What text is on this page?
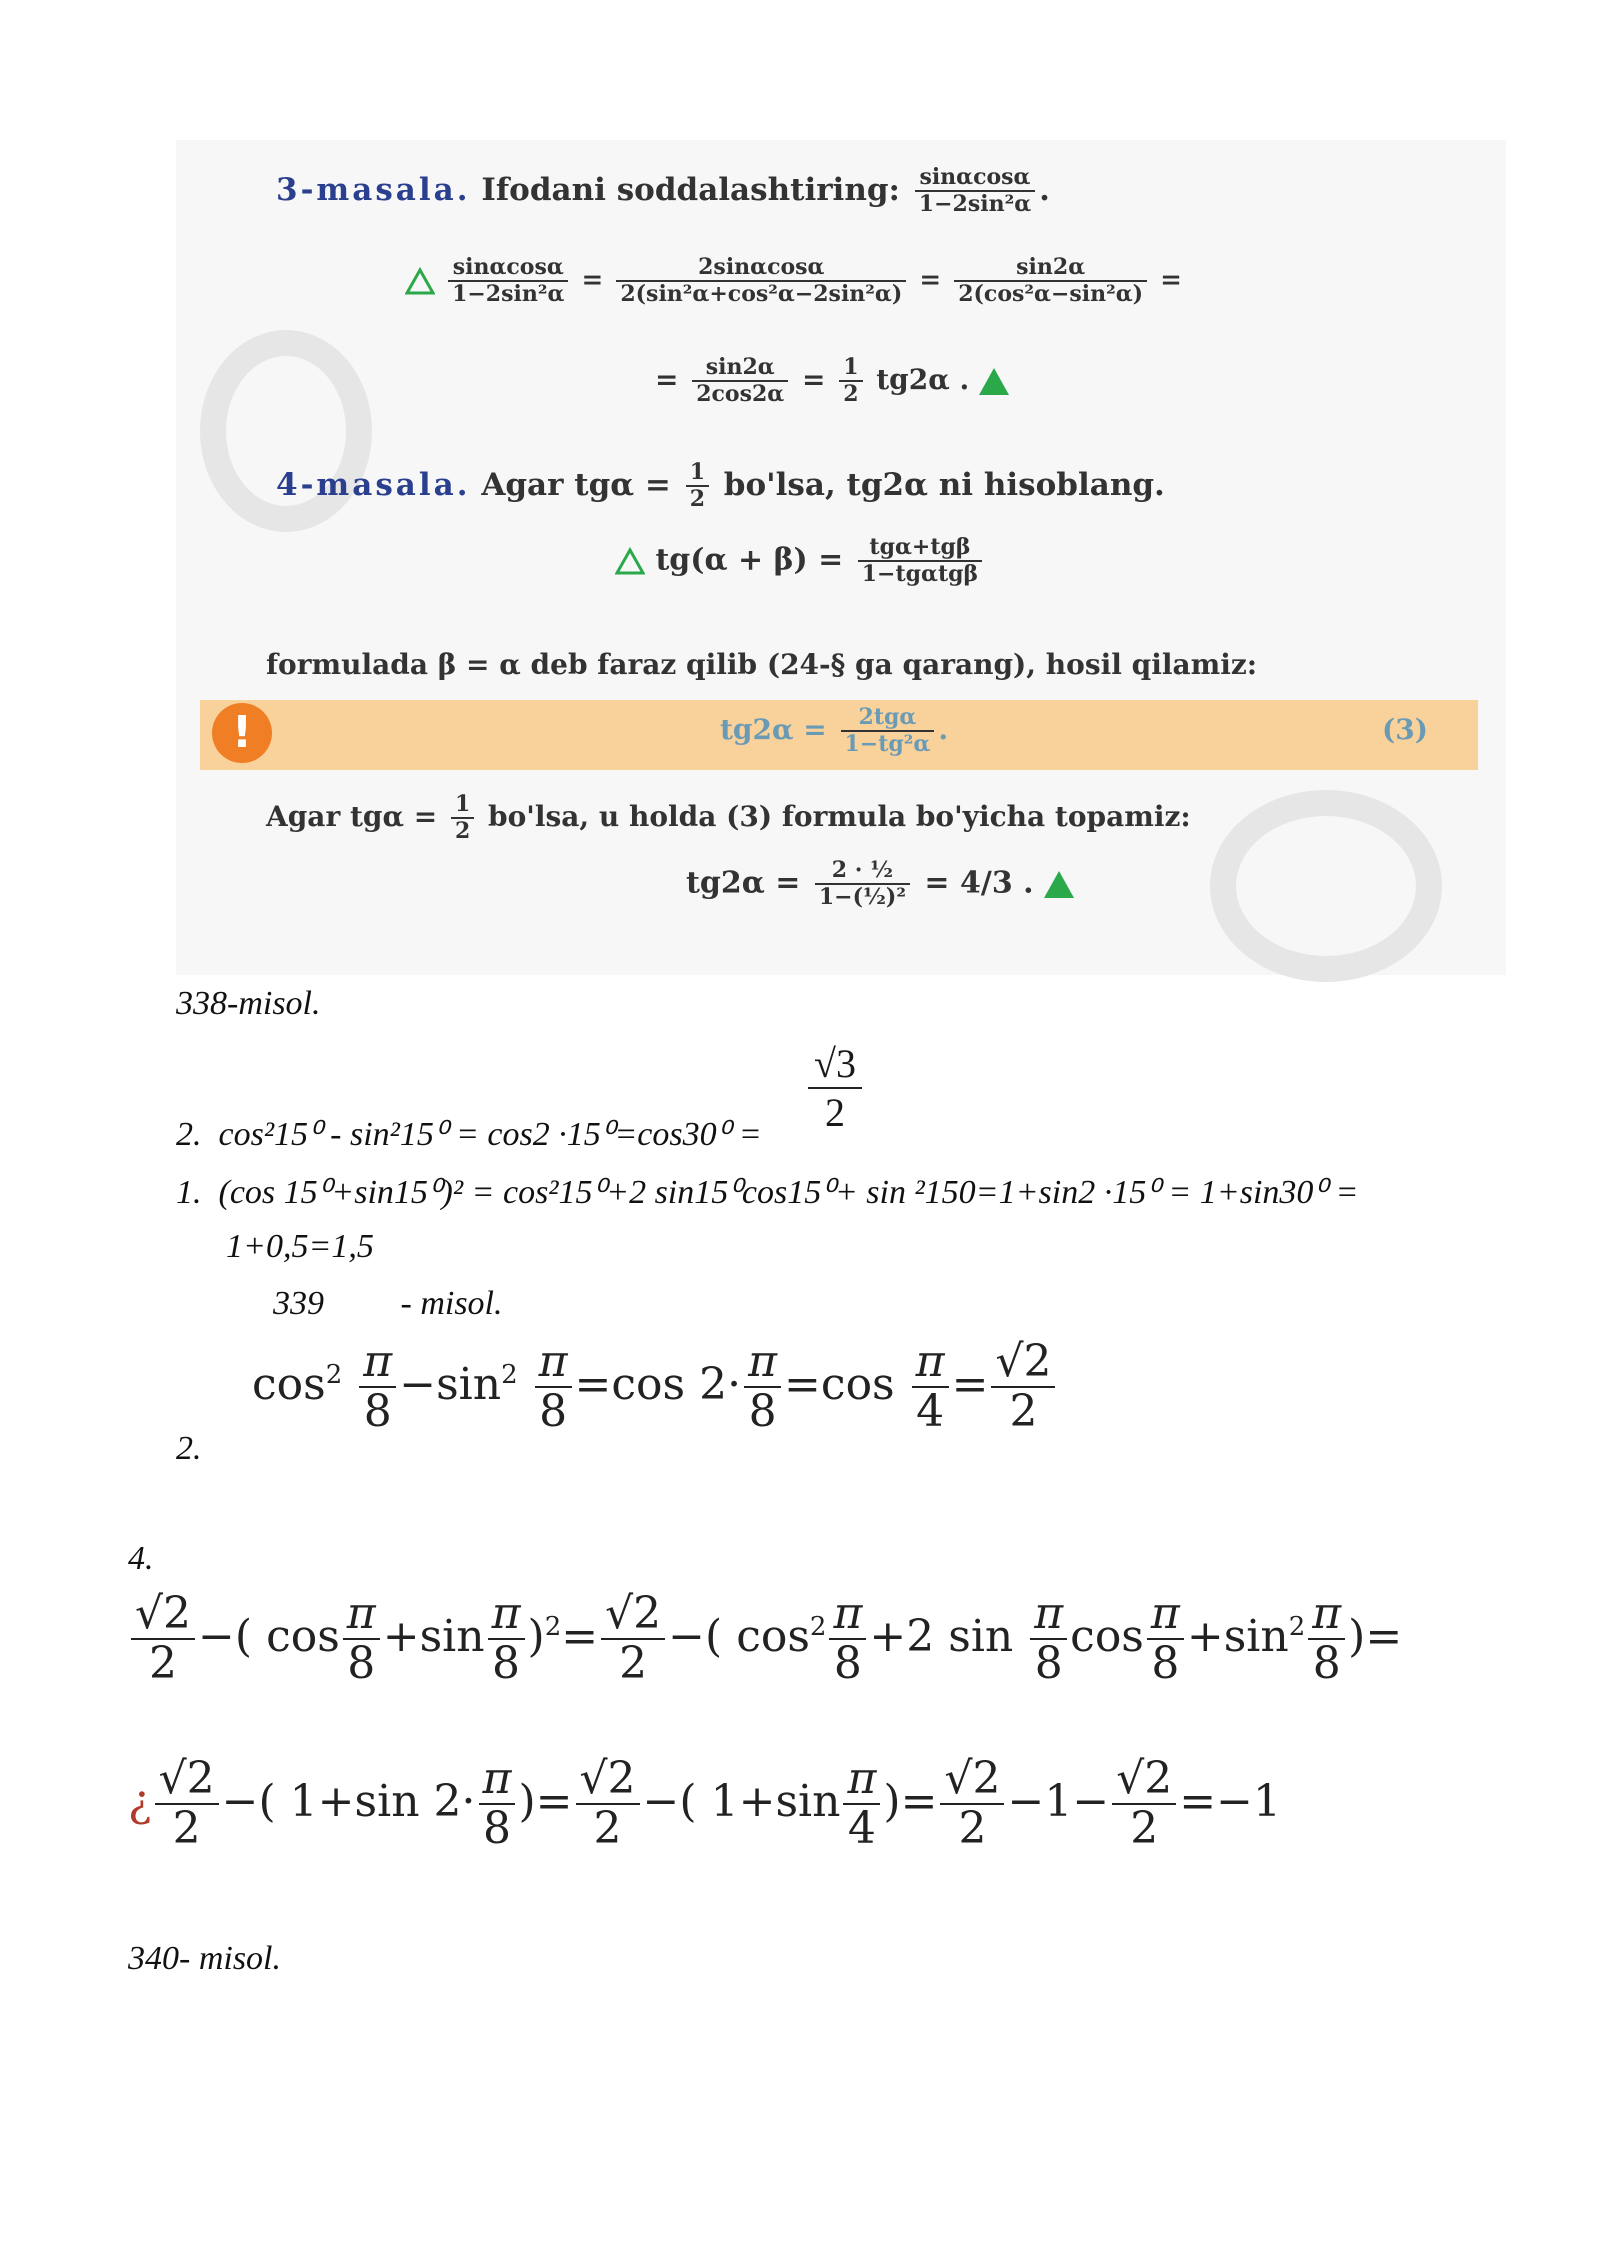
3-masala. Ifodani soddalashtiring: $\frac{\sin\alpha\cos\alpha}{\text{1−2sin²α}}$ .

$\frac{\sin\alpha\cos\alpha}{\text{1−2sin²α}} = \frac{2\sin\alpha\cos\alpha}{\text{2(sin²α+cos²α−2sin²α)}} = \frac{\sin 2\alpha}{\text{2(cos²α−sin²α)}}$ =
= $\frac{\sin 2\alpha}{2\cos 2\alpha} = \frac{1}{2} tg2\alpha$ .
4-masala. Agar $tg\alpha = \frac{1}{2} bo'lsa$, tg2α ni hisoblang.
$tg(\alpha + \beta) = \frac{\text{tgα+tgβ}}{\text{1−tgαtgβ}}$
formulada β = α deb faraz qilib (24-§ ga qarang), hosil qilamiz:
!	$tg2\alpha = \frac{\text{2tgα}}{\text{1−tg²α}}$ .	(3)
Agar $tg\alpha = \frac{1}{2} bo'lsa$, u holda (3) formula bo'yicha topamiz:
$tg2\alpha = \frac{\text{2 · ½}}{\text{1−(½)²}} = 4/3$ .
338-misol.
√3
2
2. cos²15⁰ - sin²15⁰ = cos2 ·15⁰=cos30⁰ =
1. (cos 15⁰+sin15⁰)² = cos²15⁰+2 sin15⁰cos15⁰+ sin ²150=1+sin2 ·15⁰ = 1+sin30⁰ =
1+0,5=1,5
339 - misol.
2.
$\cos^2 \frac{\pi}{8} -\sin^2 \frac{\pi}{8} =\cos$ $2\cdot \frac{\pi}{8} =\cos \frac{\pi}{4} = \frac{√2}{2}$
4.
$\frac{√2}{2}$ −( $\cos \frac{\pi}{8} +\sin \frac{\pi}{8} )^2= \frac{√2}{2}$ −( $\cos^2 \frac{\pi}{8} +2$ $\sin \frac{\pi}{8}$ $\cos \frac{\pi}{8} +\sin^2 \frac{\pi}{8}$ )=
¿ $\frac{√2}{2}$ −( 1+sin $2\cdot \frac{\pi}{8}$ )= $\frac{√2}{2}$ −( $1+\sin \frac{\pi}{4}$ )= $\frac{√2}{2} -1- \frac{√2}{2} =-1$
340- misol.
